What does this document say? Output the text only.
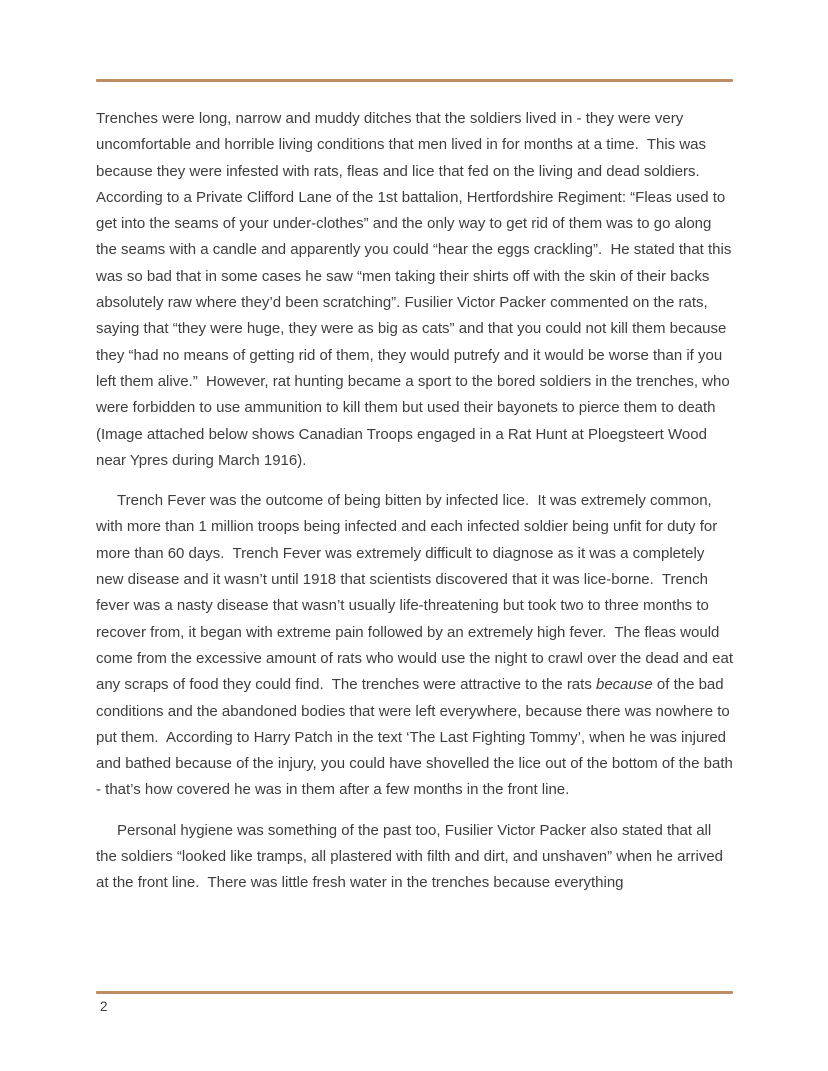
Trenches were long, narrow and muddy ditches that the soldiers lived in - they were very uncomfortable and horrible living conditions that men lived in for months at a time.  This was because they were infested with rats, fleas and lice that fed on the living and dead soldiers.  According to a Private Clifford Lane of the 1st battalion, Hertfordshire Regiment: “Fleas used to get into the seams of your under-clothes” and the only way to get rid of them was to go along the seams with a candle and apparently you could “hear the eggs crackling”.  He stated that this was so bad that in some cases he saw “men taking their shirts off with the skin of their backs absolutely raw where they’d been scratching”. Fusilier Victor Packer commented on the rats, saying that “they were huge, they were as big as cats” and that you could not kill them because they “had no means of getting rid of them, they would putrefy and it would be worse than if you left them alive.”  However, rat hunting became a sport to the bored soldiers in the trenches, who were forbidden to use ammunition to kill them but used their bayonets to pierce them to death (Image attached below shows Canadian Troops engaged in a Rat Hunt at Ploegsteert Wood near Ypres during March 1916).

Trench Fever was the outcome of being bitten by infected lice.  It was extremely common, with more than 1 million troops being infected and each infected soldier being unfit for duty for more than 60 days.  Trench Fever was extremely difficult to diagnose as it was a completely new disease and it wasn’t until 1918 that scientists discovered that it was lice-borne.  Trench fever was a nasty disease that wasn’t usually life-threatening but took two to three months to recover from, it began with extreme pain followed by an extremely high fever.  The fleas would come from the excessive amount of rats who would use the night to crawl over the dead and eat any scraps of food they could find.  The trenches were attractive to the rats because of the bad conditions and the abandoned bodies that were left everywhere, because there was nowhere to put them.  According to Harry Patch in the text ‘The Last Fighting Tommy’, when he was injured and bathed because of the injury, you could have shovelled the lice out of the bottom of the bath - that’s how covered he was in them after a few months in the front line.

Personal hygiene was something of the past too, Fusilier Victor Packer also stated that all the soldiers “looked like tramps, all plastered with filth and dirt, and unshaven” when he arrived at the front line.  There was little fresh water in the trenches because everything

2
